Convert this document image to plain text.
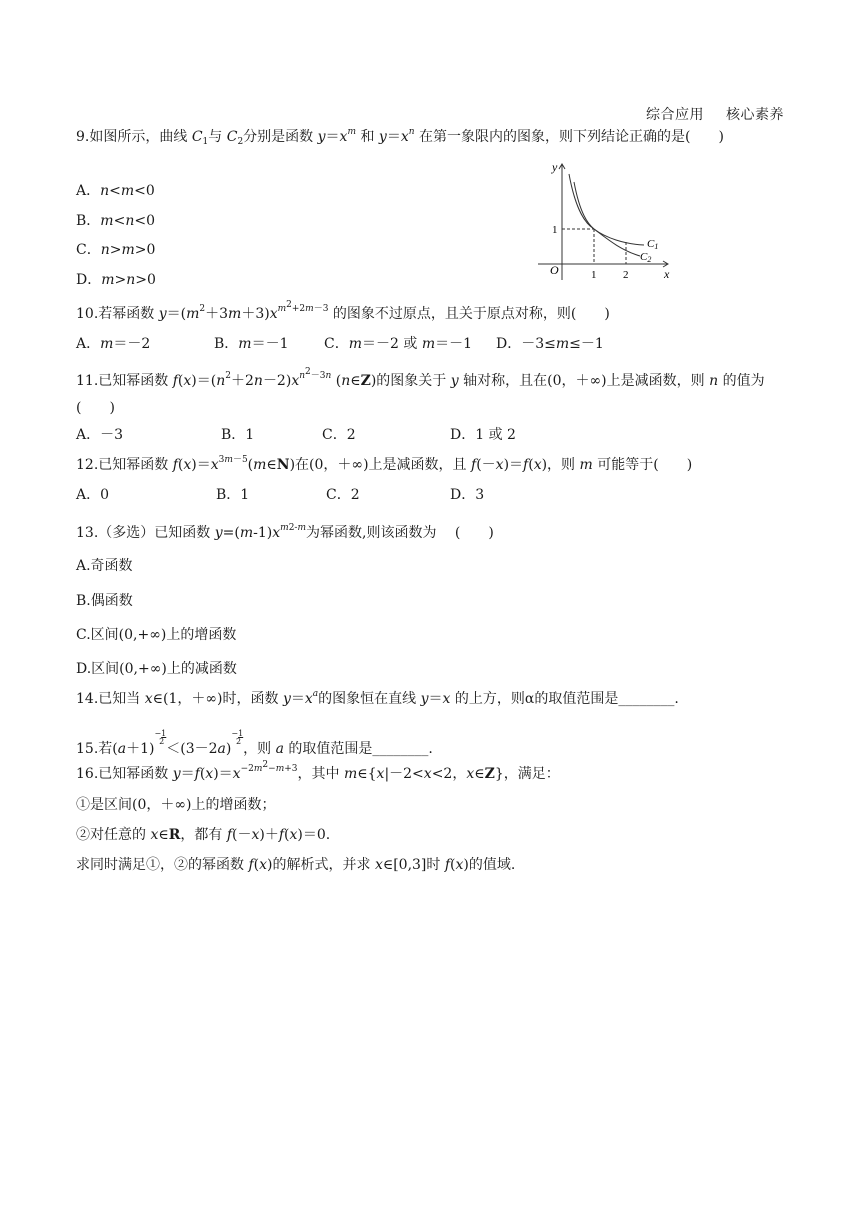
综合应用 核心素养
9.如图所示，曲线 $C_1$与 $C_2$分别是函数 $y=x^m$ 和 $y=x^n$ 在第一象限内的图象，则下列结论正确的是(　　)
A．n<m<0
B．m<n<0
C．n>m>0
D．m>n>0
y
x
O
1
1 2
C1
C2
10.若幂函数 $y=(m^2+3m+3)x^{m^2+2m-3}$ 的图象不过原点，且关于原点对称，则(　　)
A．m＝－2	B．m＝－1	C．m＝－2 或 m＝－1 D．－3≤m≤－1
11.已知幂函数 $f(x)=(n^2+2n-2)x^{n^2-3n}$ (n∈Z)的图象关于 y 轴对称，且在(0，＋∞)上是减函数，则 n 的值为
(　　)
A．－3	B．1	C．2	D．1 或 2
12.已知幂函数 $f(x)=x^{3m-5}(m\in N)$在(0，＋∞)上是减函数，且 f(－x)＝f(x)，则 m 可能等于(　　)
A．0	B．1	C．2	D．3
13.（多选）已知函数 $y=(m-1)x^{m2-m}$为幂函数,则该函数为　 (　　)
A.奇函数
B.偶函数
C.区间(0,+∞)上的增函数
D.区间(0,+∞)上的减函数
14.已知当 x∈(1，＋∞)时，函数 $y=x^a$的图象恒在直线 y＝x 的上方，则α的取值范围是________.
15.若(a＋1)−1
2 ＜(3－2a)−1
2 ，则 a 的取值范围是________.
16.已知幂函数 $y=f(x)=x^{-2m^2-m+3}$，其中 m∈{x|－2<x<2，x∈Z}，满足：
①是区间(0，＋∞)上的增函数；
②对任意的 x∈R，都有 f(－x)＋f(x)＝0.
求同时满足①，②的幂函数 f(x)的解析式，并求 x∈[0,3]时 f(x)的值域.
